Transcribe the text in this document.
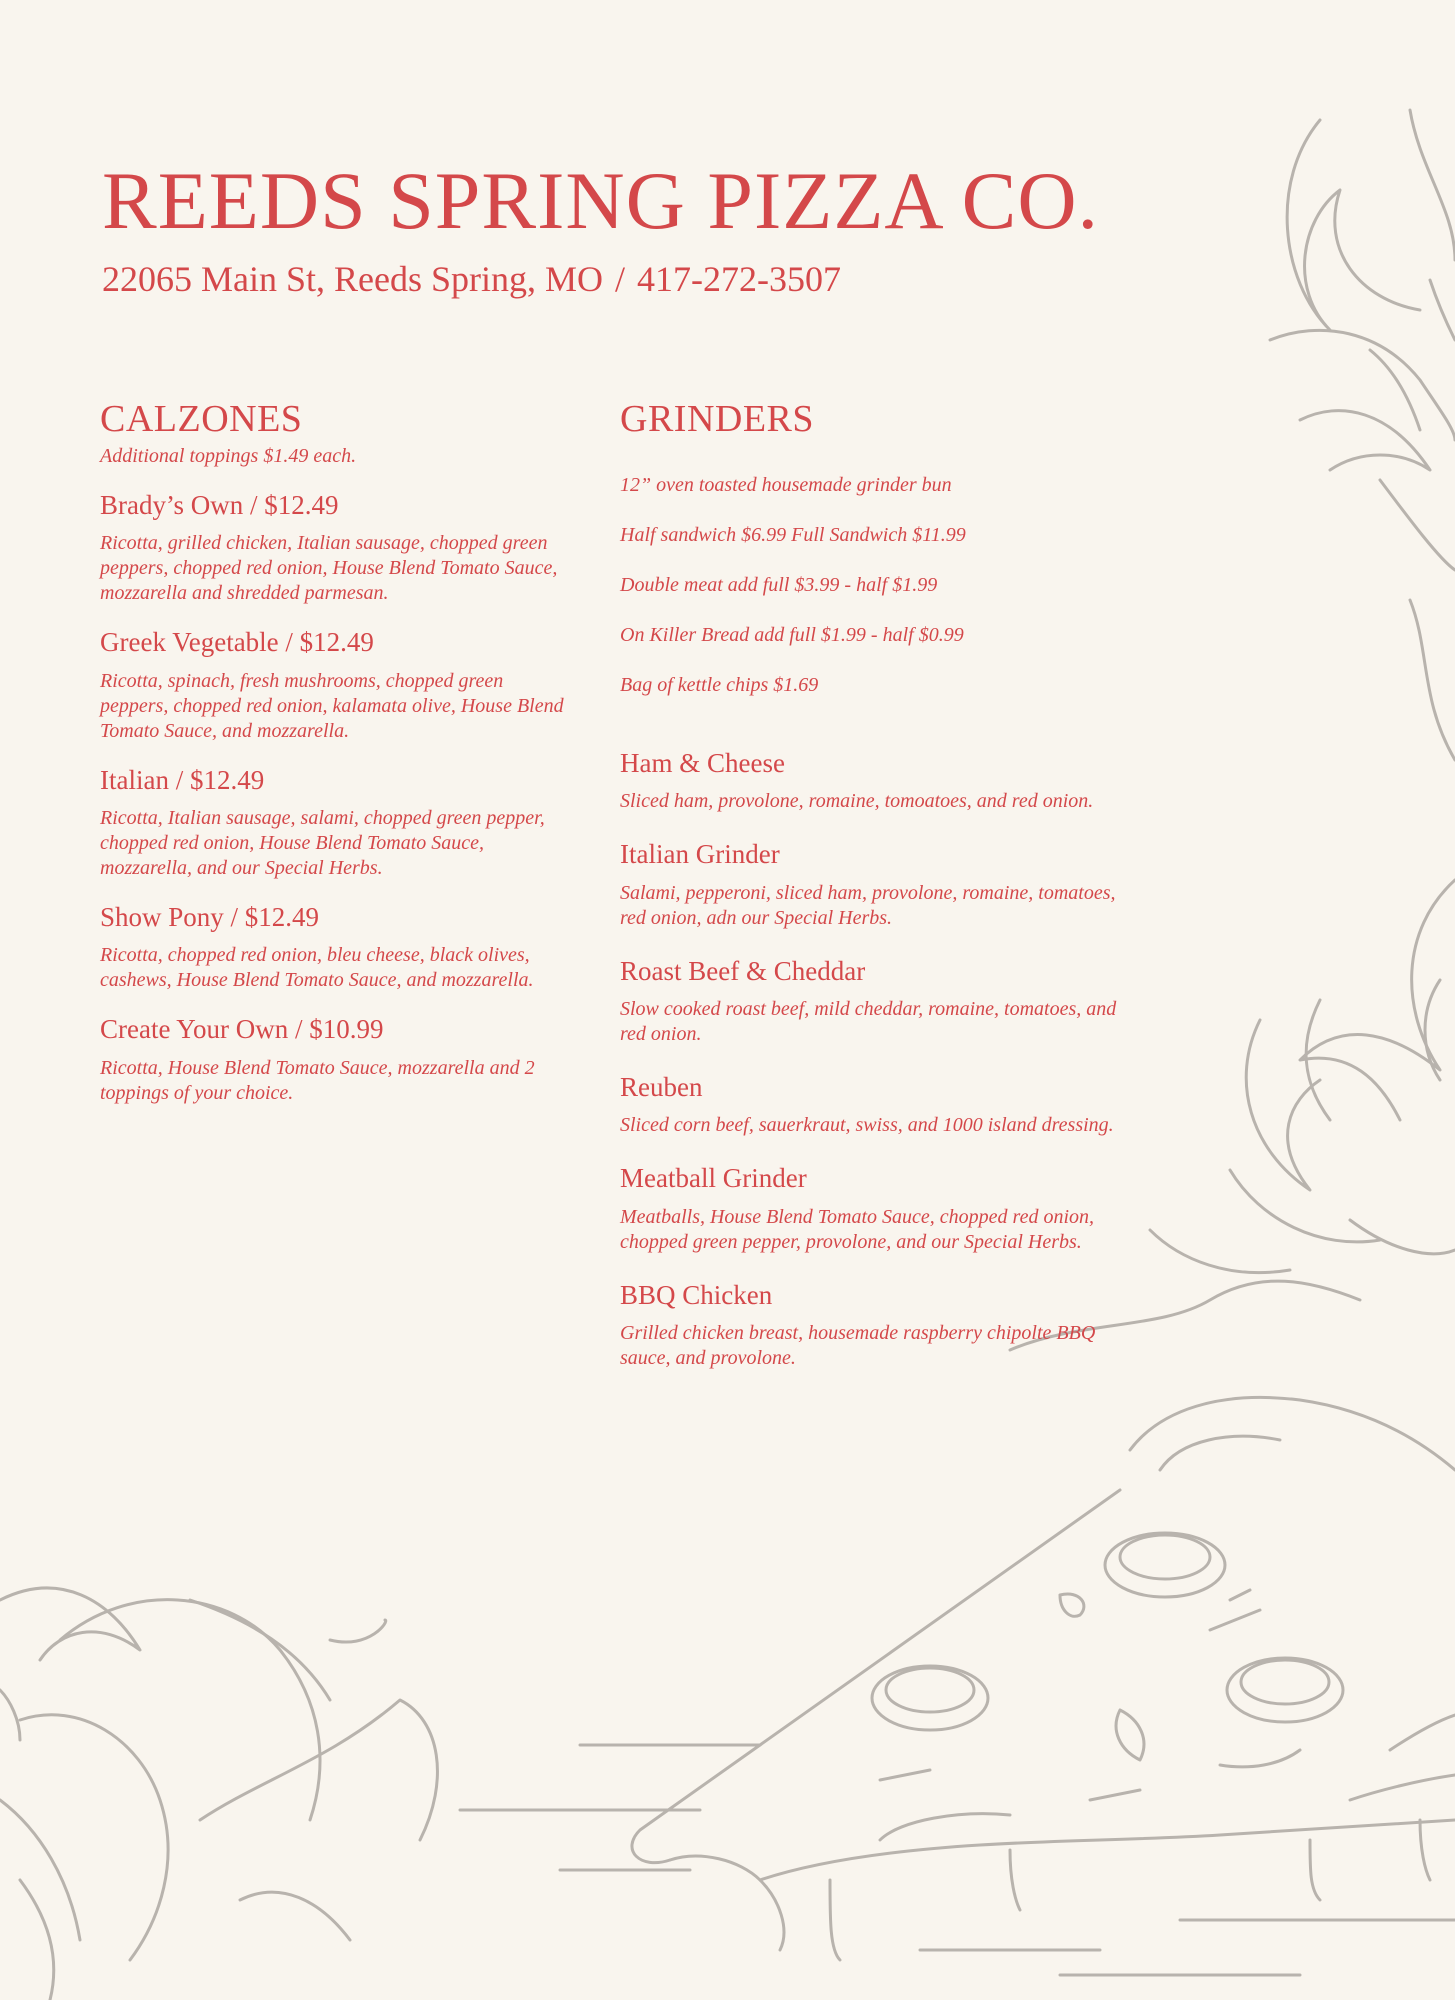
REEDS SPRING PIZZA CO.
22065 Main St, Reeds Spring, MO / 417-272-3507
CALZONES
Additional toppings $1.49 each.
Brady’s Own / $12.49
Ricotta, grilled chicken, Italian sausage, chopped green peppers, chopped red onion, House Blend Tomato Sauce, mozzarella and shredded parmesan.
Greek Vegetable / $12.49
Ricotta, spinach, fresh mushrooms, chopped green peppers, chopped red onion, kalamata olive, House Blend Tomato Sauce, and mozzarella.
Italian / $12.49
Ricotta, Italian sausage, salami, chopped green pepper, chopped red onion, House Blend Tomato Sauce, mozzarella, and our Special Herbs.
Show Pony / $12.49
Ricotta, chopped red onion, bleu cheese, black olives, cashews, House Blend Tomato Sauce, and mozzarella.
Create Your Own / $10.99
Ricotta, House Blend Tomato Sauce, mozzarella and 2 toppings of your choice.
GRINDERS

12” oven toasted housemade grinder bun

Half sandwich $6.99 Full Sandwich $11.99

Double meat add full $3.99 - half $1.99

On Killer Bread add full $1.99 - half $0.99

Bag of kettle chips $1.69

Ham & Cheese
Sliced ham, provolone, romaine, tomoatoes, and red onion.
Italian Grinder
Salami, pepperoni, sliced ham, provolone, romaine, tomatoes, red onion, adn our Special Herbs.
Roast Beef & Cheddar
Slow cooked roast beef, mild cheddar, romaine, tomatoes, and red onion.
Reuben
Sliced corn beef, sauerkraut, swiss, and 1000 island dressing.
Meatball Grinder
Meatballs, House Blend Tomato Sauce, chopped red onion, chopped green pepper, provolone, and our Special Herbs.
BBQ Chicken
Grilled chicken breast, housemade raspberry chipolte BBQ sauce, and provolone.
